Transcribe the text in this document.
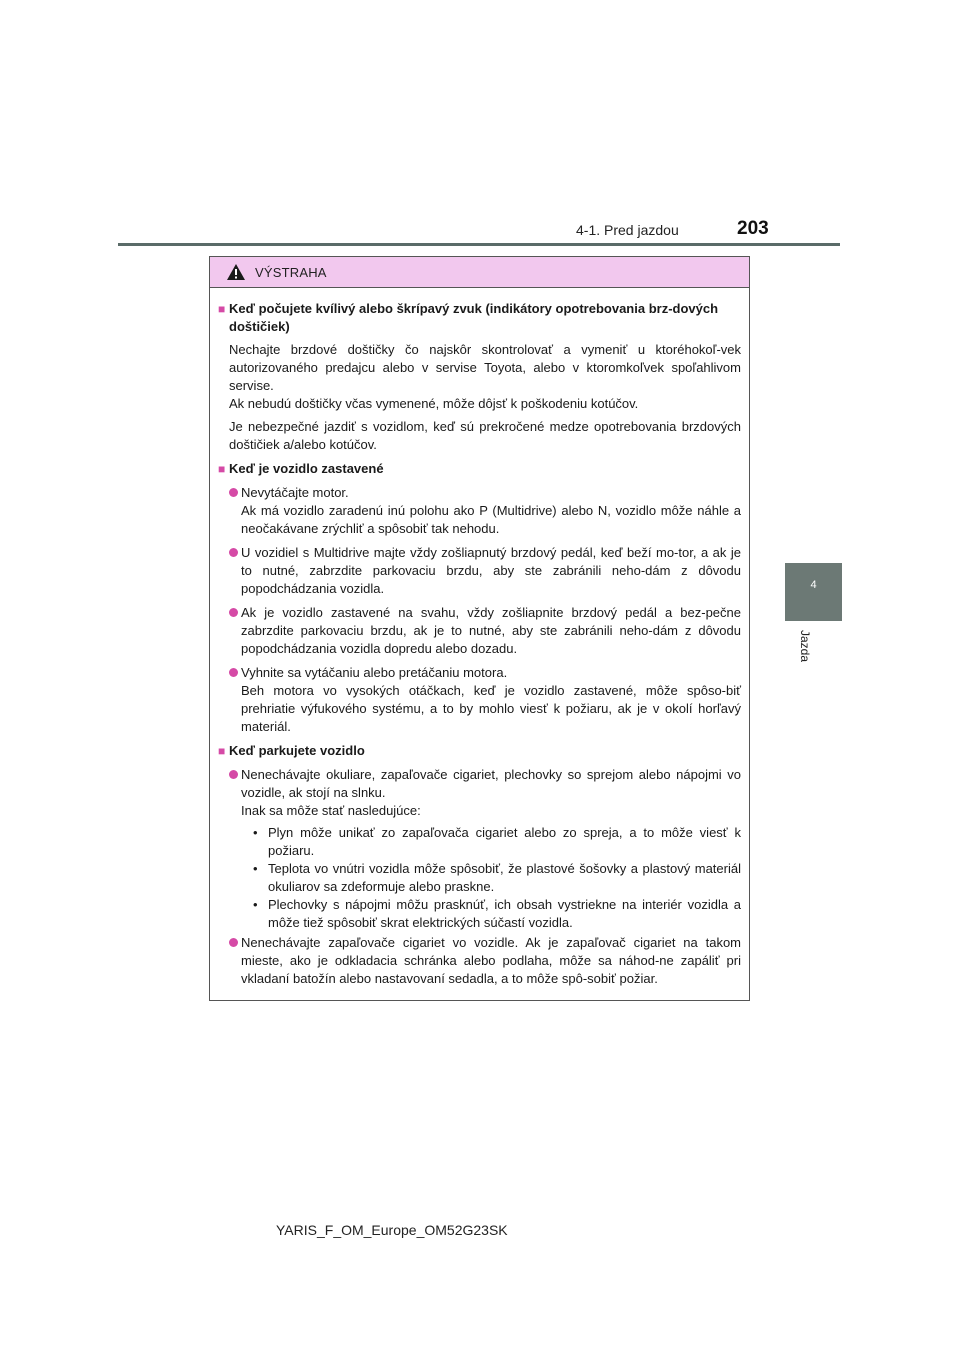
4-1. Pred jazdou	203
4
Jazda
VÝSTRAHA
■ Keď počujete kvílivý alebo škrípavý zvuk (indikátory opotrebovania brz-dových doštičiek)
Nechajte brzdové doštičky čo najskôr skontrolovať a vymeniť u ktoréhokoľ-vek autorizovaného predajcu alebo v servise Toyota, alebo v ktoromkoľvek spoľahlivom servise.
Ak nebudú doštičky včas vymenené, môže dôjsť k poškodeniu kotúčov.
Je nebezpečné jazdiť s vozidlom, keď sú prekročené medze opotrebovania brzdových doštičiek a/alebo kotúčov.
■ Keď je vozidlo zastavené
Nevytáčajte motor.
Ak má vozidlo zaradenú inú polohu ako P (Multidrive) alebo N, vozidlo môže náhle a neočakávane zrýchliť a spôsobiť tak nehodu.
U vozidiel s Multidrive majte vždy zošliapnutý brzdový pedál, keď beží mo-tor, a ak je to nutné, zabrzdite parkovaciu brzdu, aby ste zabránili neho-dám z dôvodu popodchádzania vozidla.
Ak je vozidlo zastavené na svahu, vždy zošliapnite brzdový pedál a bez-pečne zabrzdite parkovaciu brzdu, ak je to nutné, aby ste zabránili neho-dám z dôvodu popodchádzania vozidla dopredu alebo dozadu.
Vyhnite sa vytáčaniu alebo pretáčaniu motora.
Beh motora vo vysokých otáčkach, keď je vozidlo zastavené, môže spôso-biť prehriatie výfukového systému, a to by mohlo viesť k požiaru, ak je v okolí horľavý materiál.
■ Keď parkujete vozidlo
Nenechávajte okuliare, zapaľovače cigariet, plechovky so sprejom alebo nápojmi vo vozidle, ak stojí na slnku.
Inak sa môže stať nasledujúce:
• Plyn môže unikať zo zapaľovača cigariet alebo zo spreja, a to môže viesť k požiaru.
• Teplota vo vnútri vozidla môže spôsobiť, že plastové šošovky a plastový materiál okuliarov sa zdeformuje alebo praskne.
• Plechovky s nápojmi môžu prasknúť, ich obsah vystriekne na interiér vozidla a môže tiež spôsobiť skrat elektrických súčastí vozidla.
Nenechávajte zapaľovače cigariet vo vozidle. Ak je zapaľovač cigariet na takom mieste, ako je odkladacia schránka alebo podlaha, môže sa náhod-ne zapáliť pri vkladaní batožín alebo nastavovaní sedadla, a to môže spô-sobiť požiar.
YARIS_F_OM_Europe_OM52G23SK
